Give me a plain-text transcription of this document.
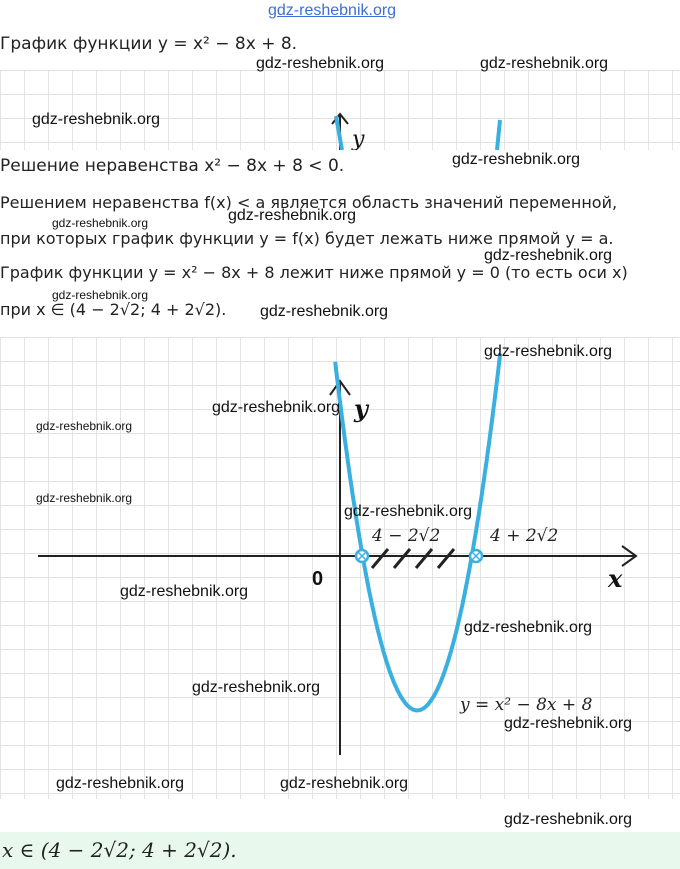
gdz-reshebnik.org
y
График функции y = x² − 8x + 8.
Решение неравенства x² − 8x + 8 < 0.
Решением неравенства f(x) < a является область значений переменной,
при которых график функции y = f(x) будет лежать ниже прямой y = a.
График функции y = x² − 8x + 8 лежит ниже прямой y = 0 (то есть оси x)
при x ∈ (4 − 2√2; 4 + 2√2).
x
y
0
4 − 2√2	4 + 2√2
y = x² − 8x + 8
gdz-reshebnik.org	gdz-reshebnik.org
gdz-reshebnik.org
gdz-reshebnik.org
gdz-reshebnik.org
gdz-reshebnik.org
gdz-reshebnik.org
gdz-reshebnik.org
gdz-reshebnik.org
gdz-reshebnik.org
gdz-reshebnik.org
gdz-reshebnik.org
gdz-reshebnik.org
gdz-reshebnik.org
gdz-reshebnik.org
gdz-reshebnik.org
gdz-reshebnik.org
gdz-reshebnik.org
gdz-reshebnik.org	gdz-reshebnik.org
gdz-reshebnik.org
x ∈ (4 − 2√2; 4 + 2√2).
